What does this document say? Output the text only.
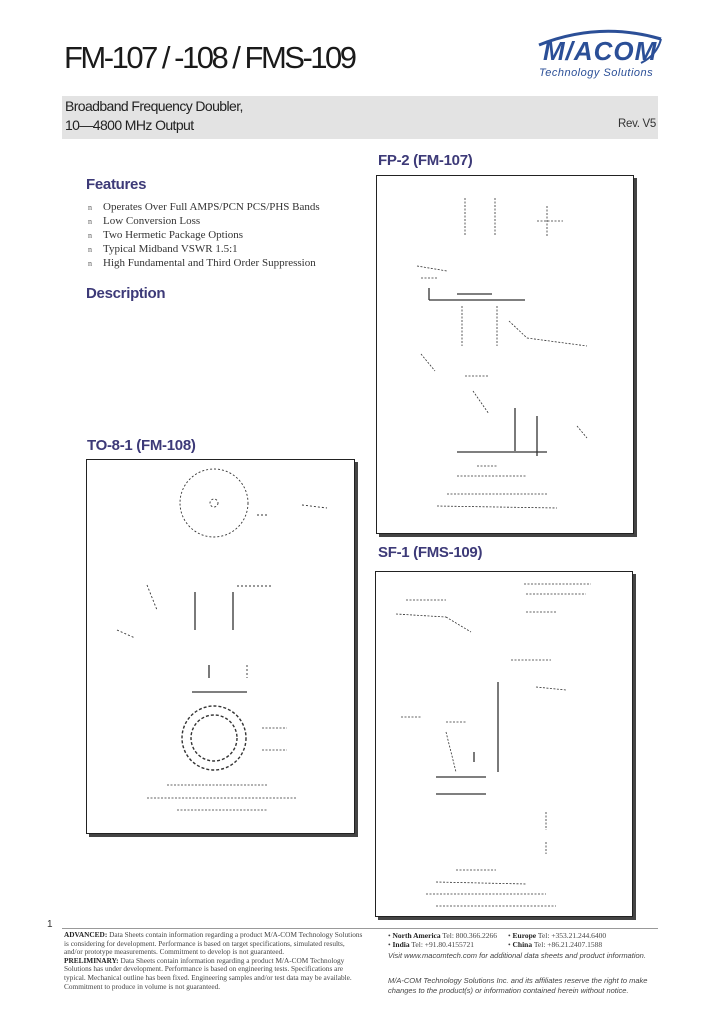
FM-107 / -108 / FMS-109	M/ACOM
Technology Solutions
Broadband Frequency Doubler,
10—4800 MHz Output	Rev. V5
Features
n Operates Over Full AMPS/PCN PCS/PHS Bands
n Low Conversion Loss
n Two Hermetic Package Options
n Typical Midband VSWR 1.5:1
n High Fundamental and Third Order Suppression
Description
FP-2 (FM-107)
TO-8-1 (FM-108)
SF-1 (FMS-109)
1

ADVANCED: Data Sheets contain information regarding a product M/A-COM Technology Solutions is considering for development. Performance is based on target specifications, simulated results, and/or prototype measurements. Commitment to develop is not guaranteed.

PRELIMINARY: Data Sheets contain information regarding a product M/A-COM Technology Solutions has under development. Performance is based on engineering tests. Specifications are typical. Mechanical outline has been fixed. Engineering samples and/or test data may be available. Commitment to produce in volume is not guaranteed.

• North America Tel: 800.366.2266 • Europe Tel: +353.21.244.6400
• India Tel: +91.80.4155721	• China Tel: +86.21.2407.1588
Visit www.macomtech.com for additional data sheets and product information.
M/A-COM Technology Solutions Inc. and its affiliates reserve the right to make changes to the product(s) or information contained herein without notice.
